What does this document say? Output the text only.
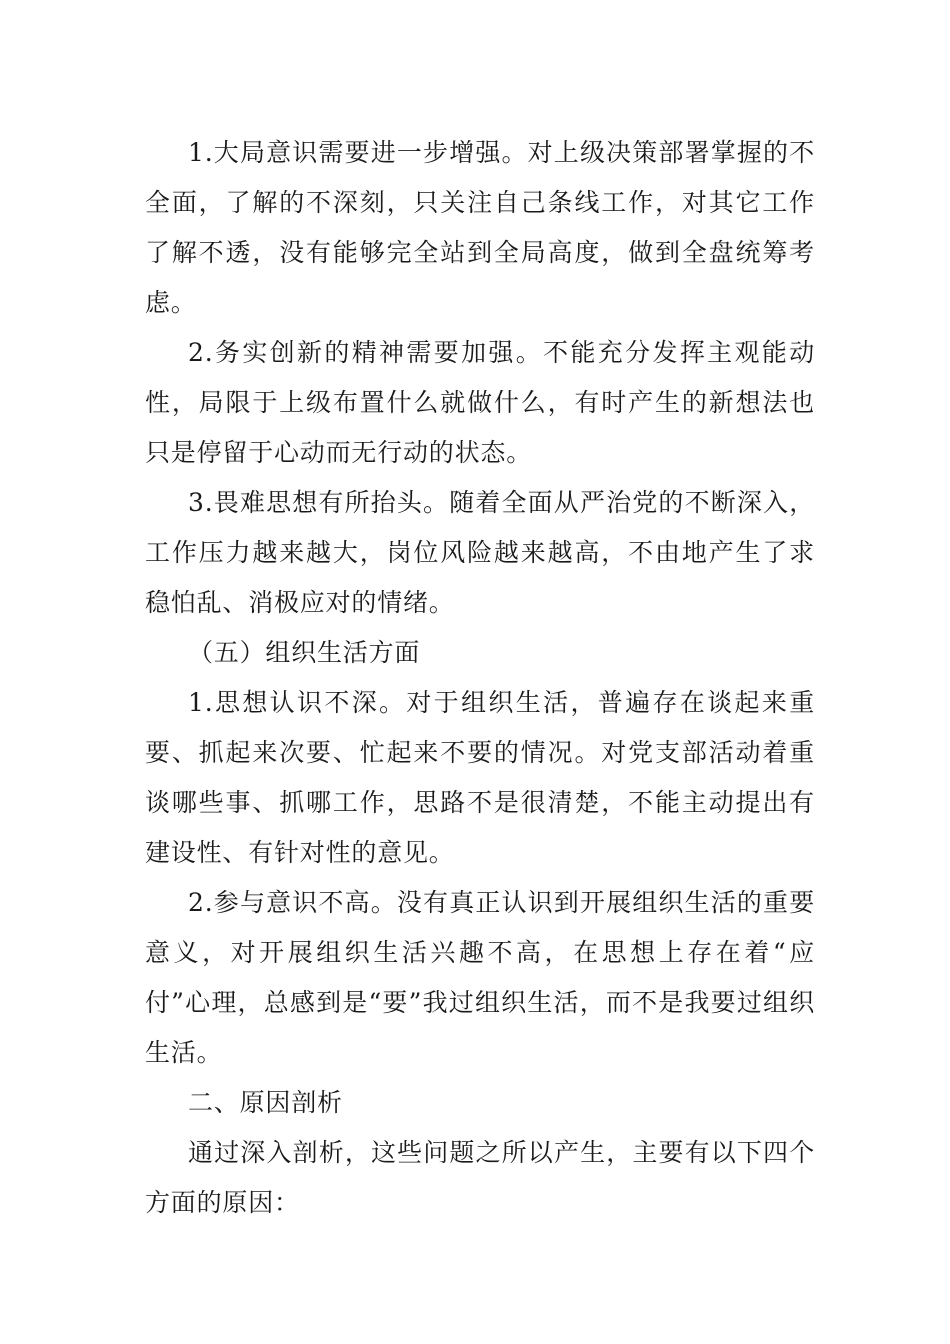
1.大局意识需要进一步增强。对上级决策部署掌握的不全面，了解的不深刻，只关注自己条线工作，对其它工作了解不透，没有能够完全站到全局高度，做到全盘统筹考虑。

2.务实创新的精神需要加强。不能充分发挥主观能动性，局限于上级布置什么就做什么，有时产生的新想法也只是停留于心动而无行动的状态。

3.畏难思想有所抬头。随着全面从严治党的不断深入，工作压力越来越大，岗位风险越来越高，不由地产生了求稳怕乱、消极应对的情绪。

（五）组织生活方面

1.思想认识不深。对于组织生活，普遍存在谈起来重要、抓起来次要、忙起来不要的情况。对党支部活动着重谈哪些事、抓哪工作，思路不是很清楚，不能主动提出有建设性、有针对性的意见。

2.参与意识不高。没有真正认识到开展组织生活的重要意义，对开展组织生活兴趣不高，在思想上存在着“应付”心理，总感到是“要”我过组织生活，而不是我要过组织生活。

二、原因剖析

通过深入剖析，这些问题之所以产生，主要有以下四个方面的原因：
